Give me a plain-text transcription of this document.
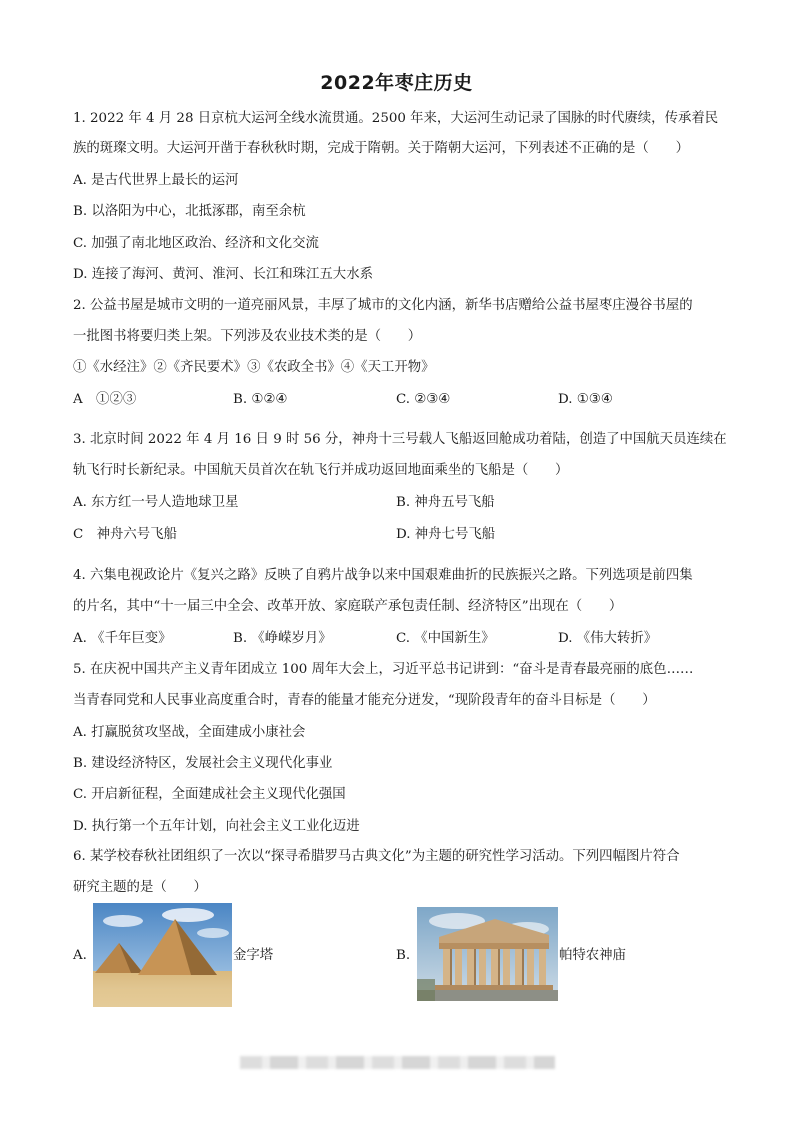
2022年枣庄历史
1. 2022 年 4 月 28 日京杭大运河全线水流贯通。2500 年来，大运河生动记录了国脉的时代赓续，传承着民
族的斑璨文明。大运河开凿于春秋秋时期，完成于隋朝。关于隋朝大运河，下列表述不正确的是（　　）
A. 是古代世界上最长的运河
B. 以洛阳为中心，北抵涿郡，南至余杭
C. 加强了南北地区政治、经济和文化交流
D. 连接了海河、黄河、淮河、长江和珠江五大水系
2. 公益书屋是城市文明的一道亮丽风景，丰厚了城市的文化内涵，新华书店赠给公益书屋枣庄漫谷书屋的
一批图书将要归类上架。下列涉及农业技术类的是（　　）
①《水经注》②《齐民要术》③《农政全书》④《天工开物》
A　①②③	B. ①②④	C. ②③④	D. ①③④
3. 北京时间 2022 年 4 月 16 日 9 时 56 分，神舟十三号载人飞船返回舱成功着陆，创造了中国航天员连续在
轨飞行时长新纪录。中国航天员首次在轨飞行并成功返回地面乘坐的飞船是（　　）
A. 东方红一号人造地球卫星	B. 神舟五号飞船
C　神舟六号飞船	D. 神舟七号飞船
4. 六集电视政论片《复兴之路》反映了自鸦片战争以来中国艰难曲折的民族振兴之路。下列选项是前四集
的片名，其中“十一届三中全会、改革开放、家庭联产承包责任制、经济特区”出现在（　　）
A. 《千年巨变》	B. 《峥嵘岁月》	C. 《中国新生》	D. 《伟大转折》
5. 在庆祝中国共产主义青年团成立 100 周年大会上，习近平总书记讲到：“奋斗是青春最亮丽的底色……
当青春同党和人民事业高度重合时，青春的能量才能充分迸发，“现阶段青年的奋斗目标是（　　）
A. 打赢脱贫攻坚战，全面建成小康社会
B. 建设经济特区，发展社会主义现代化事业
C. 开启新征程，全面建成社会主义现代化强国
D. 执行第一个五年计划，向社会主义工业化迈进
6. 某学校春秋社团组织了一次以“探寻希腊罗马古典文化”为主题的研究性学习活动。下列四幅图片符合
研究主题的是（　　）
A.	金字塔	B.	帕特农神庙
